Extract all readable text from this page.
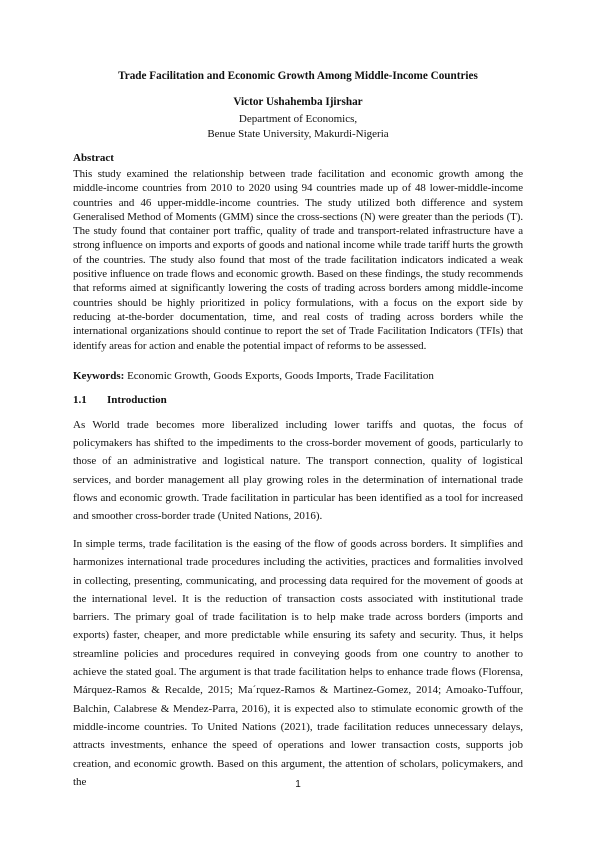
Trade Facilitation and Economic Growth Among Middle-Income Countries
Victor Ushahemba Ijirshar
Department of Economics,
Benue State University, Makurdi-Nigeria
Abstract

This study examined the relationship between trade facilitation and economic growth among the middle-income countries from 2010 to 2020 using 94 countries made up of 48 lower-middle-income countries and 46 upper-middle-income countries. The study utilized both difference and system Generalised Method of Moments (GMM) since the cross-sections (N) were greater than the periods (T). The study found that container port traffic, quality of trade and transport-related infrastructure have a strong influence on imports and exports of goods and national income while trade tariff hurts the growth of the countries. The study also found that most of the trade facilitation indicators indicated a weak positive influence on trade flows and economic growth. Based on these findings, the study recommends that reforms aimed at significantly lowering the costs of trading across borders among middle-income countries should be highly prioritized in policy formulations, with a focus on the export side by reducing at-the-border documentation, time, and real costs of trading across borders while the international organizations should continue to report the set of Trade Facilitation Indicators (TFIs) that identify areas for action and enable the potential impact of reforms to be assessed.

Keywords: Economic Growth, Goods Exports, Goods Imports, Trade Facilitation
1.1 Introduction

As World trade becomes more liberalized including lower tariffs and quotas, the focus of policymakers has shifted to the impediments to the cross-border movement of goods, particularly to those of an administrative and logistical nature. The transport connection, quality of logistical services, and border management all play growing roles in the determination of international trade flows and economic growth. Trade facilitation in particular has been identified as a tool for increased and smoother cross-border trade (United Nations, 2016).

In simple terms, trade facilitation is the easing of the flow of goods across borders. It simplifies and harmonizes international trade procedures including the activities, practices and formalities involved in collecting, presenting, communicating, and processing data required for the movement of goods at the international level. It is the reduction of transaction costs associated with institutional trade barriers. The primary goal of trade facilitation is to help make trade across borders (imports and exports) faster, cheaper, and more predictable while ensuring its safety and security. Thus, it helps streamline policies and procedures required in conveying goods from one country to another to achieve the stated goal. The argument is that trade facilitation helps to enhance trade flows (Florensa, Márquez-Ramos & Recalde, 2015; Ma´rquez-Ramos & Martinez-Gomez, 2014; Amoako-Tuffour, Balchin, Calabrese & Mendez-Parra, 2016), it is expected also to stimulate economic growth of the middle-income countries. To United Nations (2021), trade facilitation reduces unnecessary delays, attracts investments, enhance the speed of operations and lower transaction costs, supports job creation, and economic growth. Based on this argument, the attention of scholars, policymakers, and the	1
